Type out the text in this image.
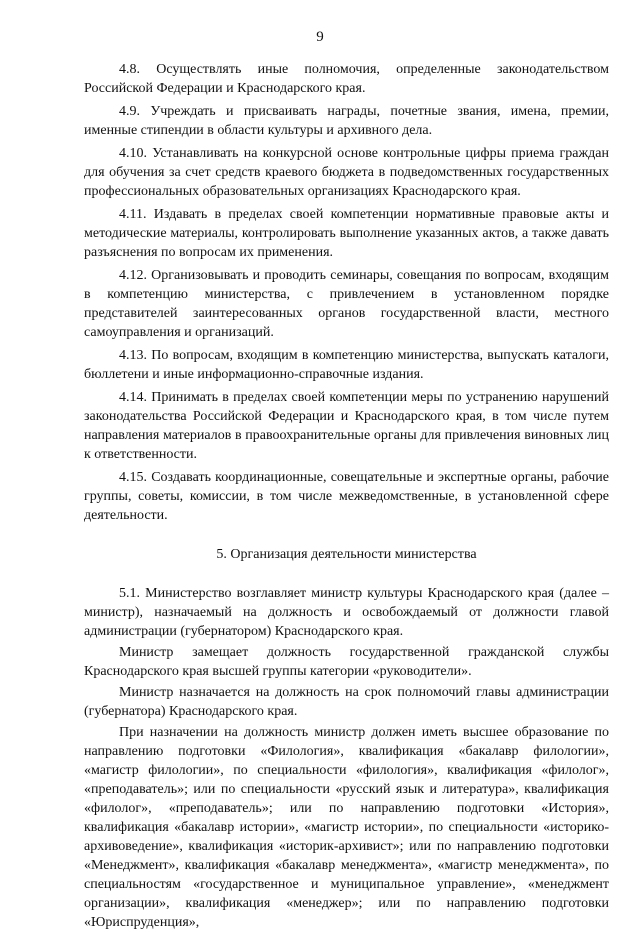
9

4.8. Осуществлять иные полномочия, определенные законодательством Российской Федерации и Краснодарского края.

4.9. Учреждать и присваивать награды, почетные звания, имена, премии, именные стипендии в области культуры и архивного дела.

4.10. Устанавливать на конкурсной основе контрольные цифры приема граждан для обучения за счет средств краевого бюджета в подведомственных государственных профессиональных образовательных организациях Краснодарского края.

4.11. Издавать в пределах своей компетенции нормативные правовые акты и методические материалы, контролировать выполнение указанных актов, а также давать разъяснения по вопросам их применения.

4.12. Организовывать и проводить семинары, совещания по вопросам, входящим в компетенцию министерства, с привлечением в установленном порядке представителей заинтересованных органов государственной власти, местного самоуправления и организаций.

4.13. По вопросам, входящим в компетенцию министерства, выпускать каталоги, бюллетени и иные информационно-справочные издания.

4.14. Принимать в пределах своей компетенции меры по устранению нарушений законодательства Российской Федерации и Краснодарского края, в том числе путем направления материалов в правоохранительные органы для привлечения виновных лиц к ответственности.

4.15. Создавать координационные, совещательные и экспертные органы, рабочие группы, советы, комиссии, в том числе межведомственные, в установленной сфере деятельности.

5. Организация деятельности министерства

5.1. Министерство возглавляет министр культуры Краснодарского края (далее – министр), назначаемый на должность и освобождаемый от должности главой администрации (губернатором) Краснодарского края.

Министр замещает должность государственной гражданской службы Краснодарского края высшей группы категории «руководители».

Министр назначается на должность на срок полномочий главы администрации (губернатора) Краснодарского края.

При назначении на должность министр должен иметь высшее образование по направлению подготовки «Филология», квалификация «бакалавр филологии», «магистр филологии», по специальности «филология», квалификация «филолог», «преподаватель»; или по специальности «русский язык и литература», квалификация «филолог», «преподаватель»; или по направлению подготовки «История», квалификация «бакалавр истории», «магистр истории», по специальности «историко-архивоведение», квалификация «историк-архивист»; или по направлению подготовки «Менеджмент», квалификация «бакалавр менеджмента», «магистр менеджмента», по специальностям «государственное и муниципальное управление», «менеджмент организации», квалификация «менеджер»; или по направлению подготовки «Юриспруденция»,
